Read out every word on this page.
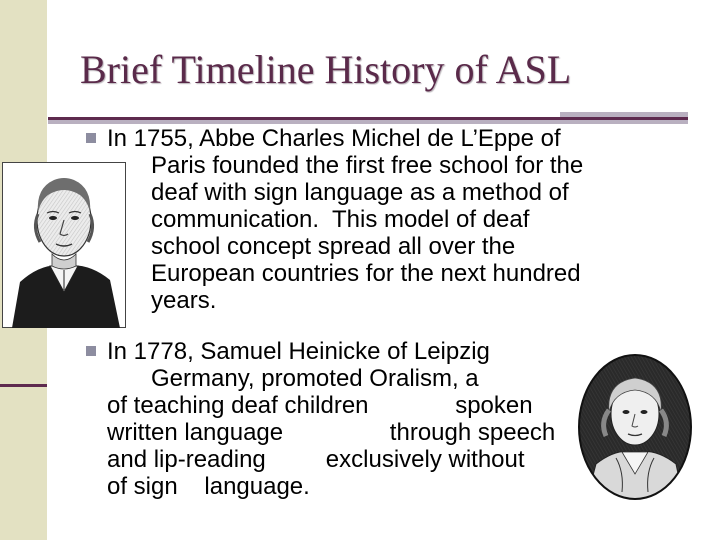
Brief Timeline History of ASL
In 1755, Abbe Charles Michel de L’Eppe of
Paris founded the first free school for the
deaf with sign language as a method of
communication.  This model of deaf
school concept spread all over the
European countries for the next hundred
years.
In 1778, Samuel Heinicke of Leipzig
Germany, promoted Oralism, a
of teaching deaf children             spoken
written language                through speech
and lip-reading         exclusively without
of sign    language.
